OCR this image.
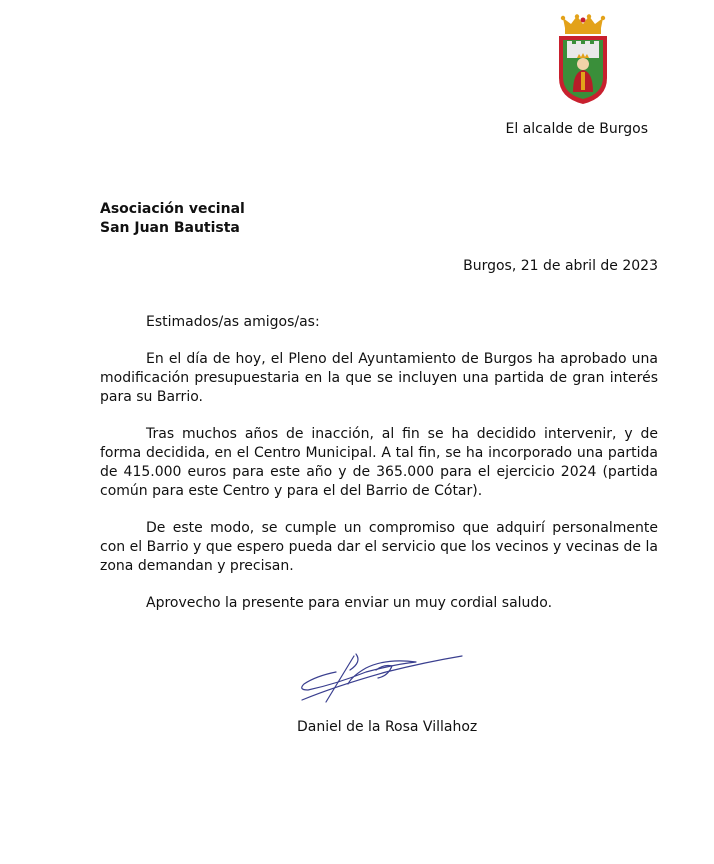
El alcalde de Burgos
Asociación vecinal
San Juan Bautista
Burgos, 21 de abril de 2023

Estimados/as amigos/as:

En el día de hoy, el Pleno del Ayuntamiento de Burgos ha aprobado una modificación presupuestaria en la que se incluyen una partida de gran interés para su Barrio.

Tras muchos años de inacción, al fin se ha decidido intervenir, y de forma decidida, en el Centro Municipal. A tal fin, se ha incorporado una partida de 415.000 euros para este año y de 365.000 para el ejercicio 2024 (partida común para este Centro y para el del Barrio de Cótar).

De este modo, se cumple un compromiso que adquirí personalmente con el Barrio y que espero pueda dar el servicio que los vecinos y vecinas de la zona demandan y precisan.

Aprovecho la presente para enviar un muy cordial saludo.

Daniel de la Rosa Villahoz
